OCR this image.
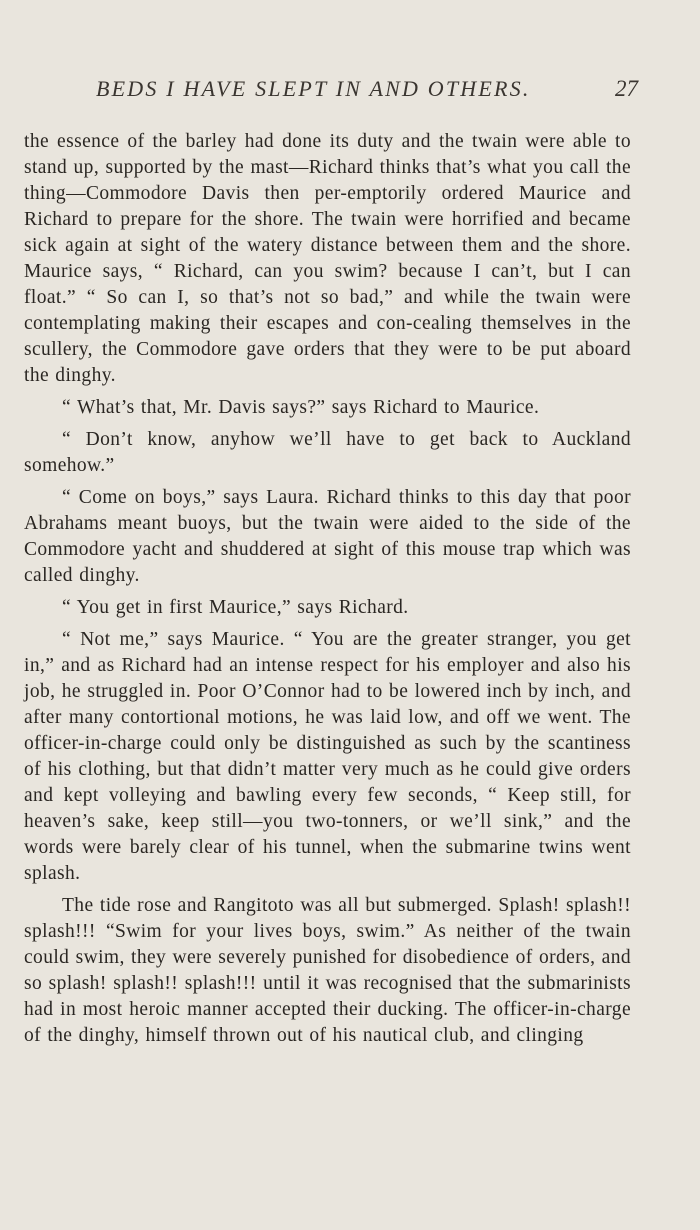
BEDS I HAVE SLEPT IN AND OTHERS.	27

the essence of the barley had done its duty and the twain were able to stand up, supported by the mast—Richard thinks that’s what you call the thing—Commodore Davis then per-emptorily ordered Maurice and Richard to prepare for the shore. The twain were horrified and became sick again at sight of the watery distance between them and the shore. Maurice says, “ Richard, can you swim? because I can’t, but I can float.” “ So can I, so that’s not so bad,” and while the twain were contemplating making their escapes and con-cealing themselves in the scullery, the Commodore gave orders that they were to be put aboard the dinghy.

“ What’s that, Mr. Davis says?” says Richard to Maurice.

“ Don’t know, anyhow we’ll have to get back to Auckland somehow.”

“ Come on boys,” says Laura. Richard thinks to this day that poor Abrahams meant buoys, but the twain were aided to the side of the Commodore yacht and shuddered at sight of this mouse trap which was called dinghy.

“ You get in first Maurice,” says Richard.

“ Not me,” says Maurice. “ You are the greater stranger, you get in,” and as Richard had an intense respect for his employer and also his job, he struggled in. Poor O’Connor had to be lowered inch by inch, and after many contortional motions, he was laid low, and off we went. The officer-in-charge could only be distinguished as such by the scantiness of his clothing, but that didn’t matter very much as he could give orders and kept volleying and bawling every few seconds, “ Keep still, for heaven’s sake, keep still—you two-tonners, or we’ll sink,” and the words were barely clear of his tunnel, when the submarine twins went splash.

The tide rose and Rangitoto was all but submerged. Splash! splash!! splash!!! “Swim for your lives boys, swim.” As neither of the twain could swim, they were severely punished for disobedience of orders, and so splash! splash!! splash!!! until it was recognised that the submarinists had in most heroic manner accepted their ducking. The officer-in-charge of the dinghy, himself thrown out of his nautical club, and clinging
